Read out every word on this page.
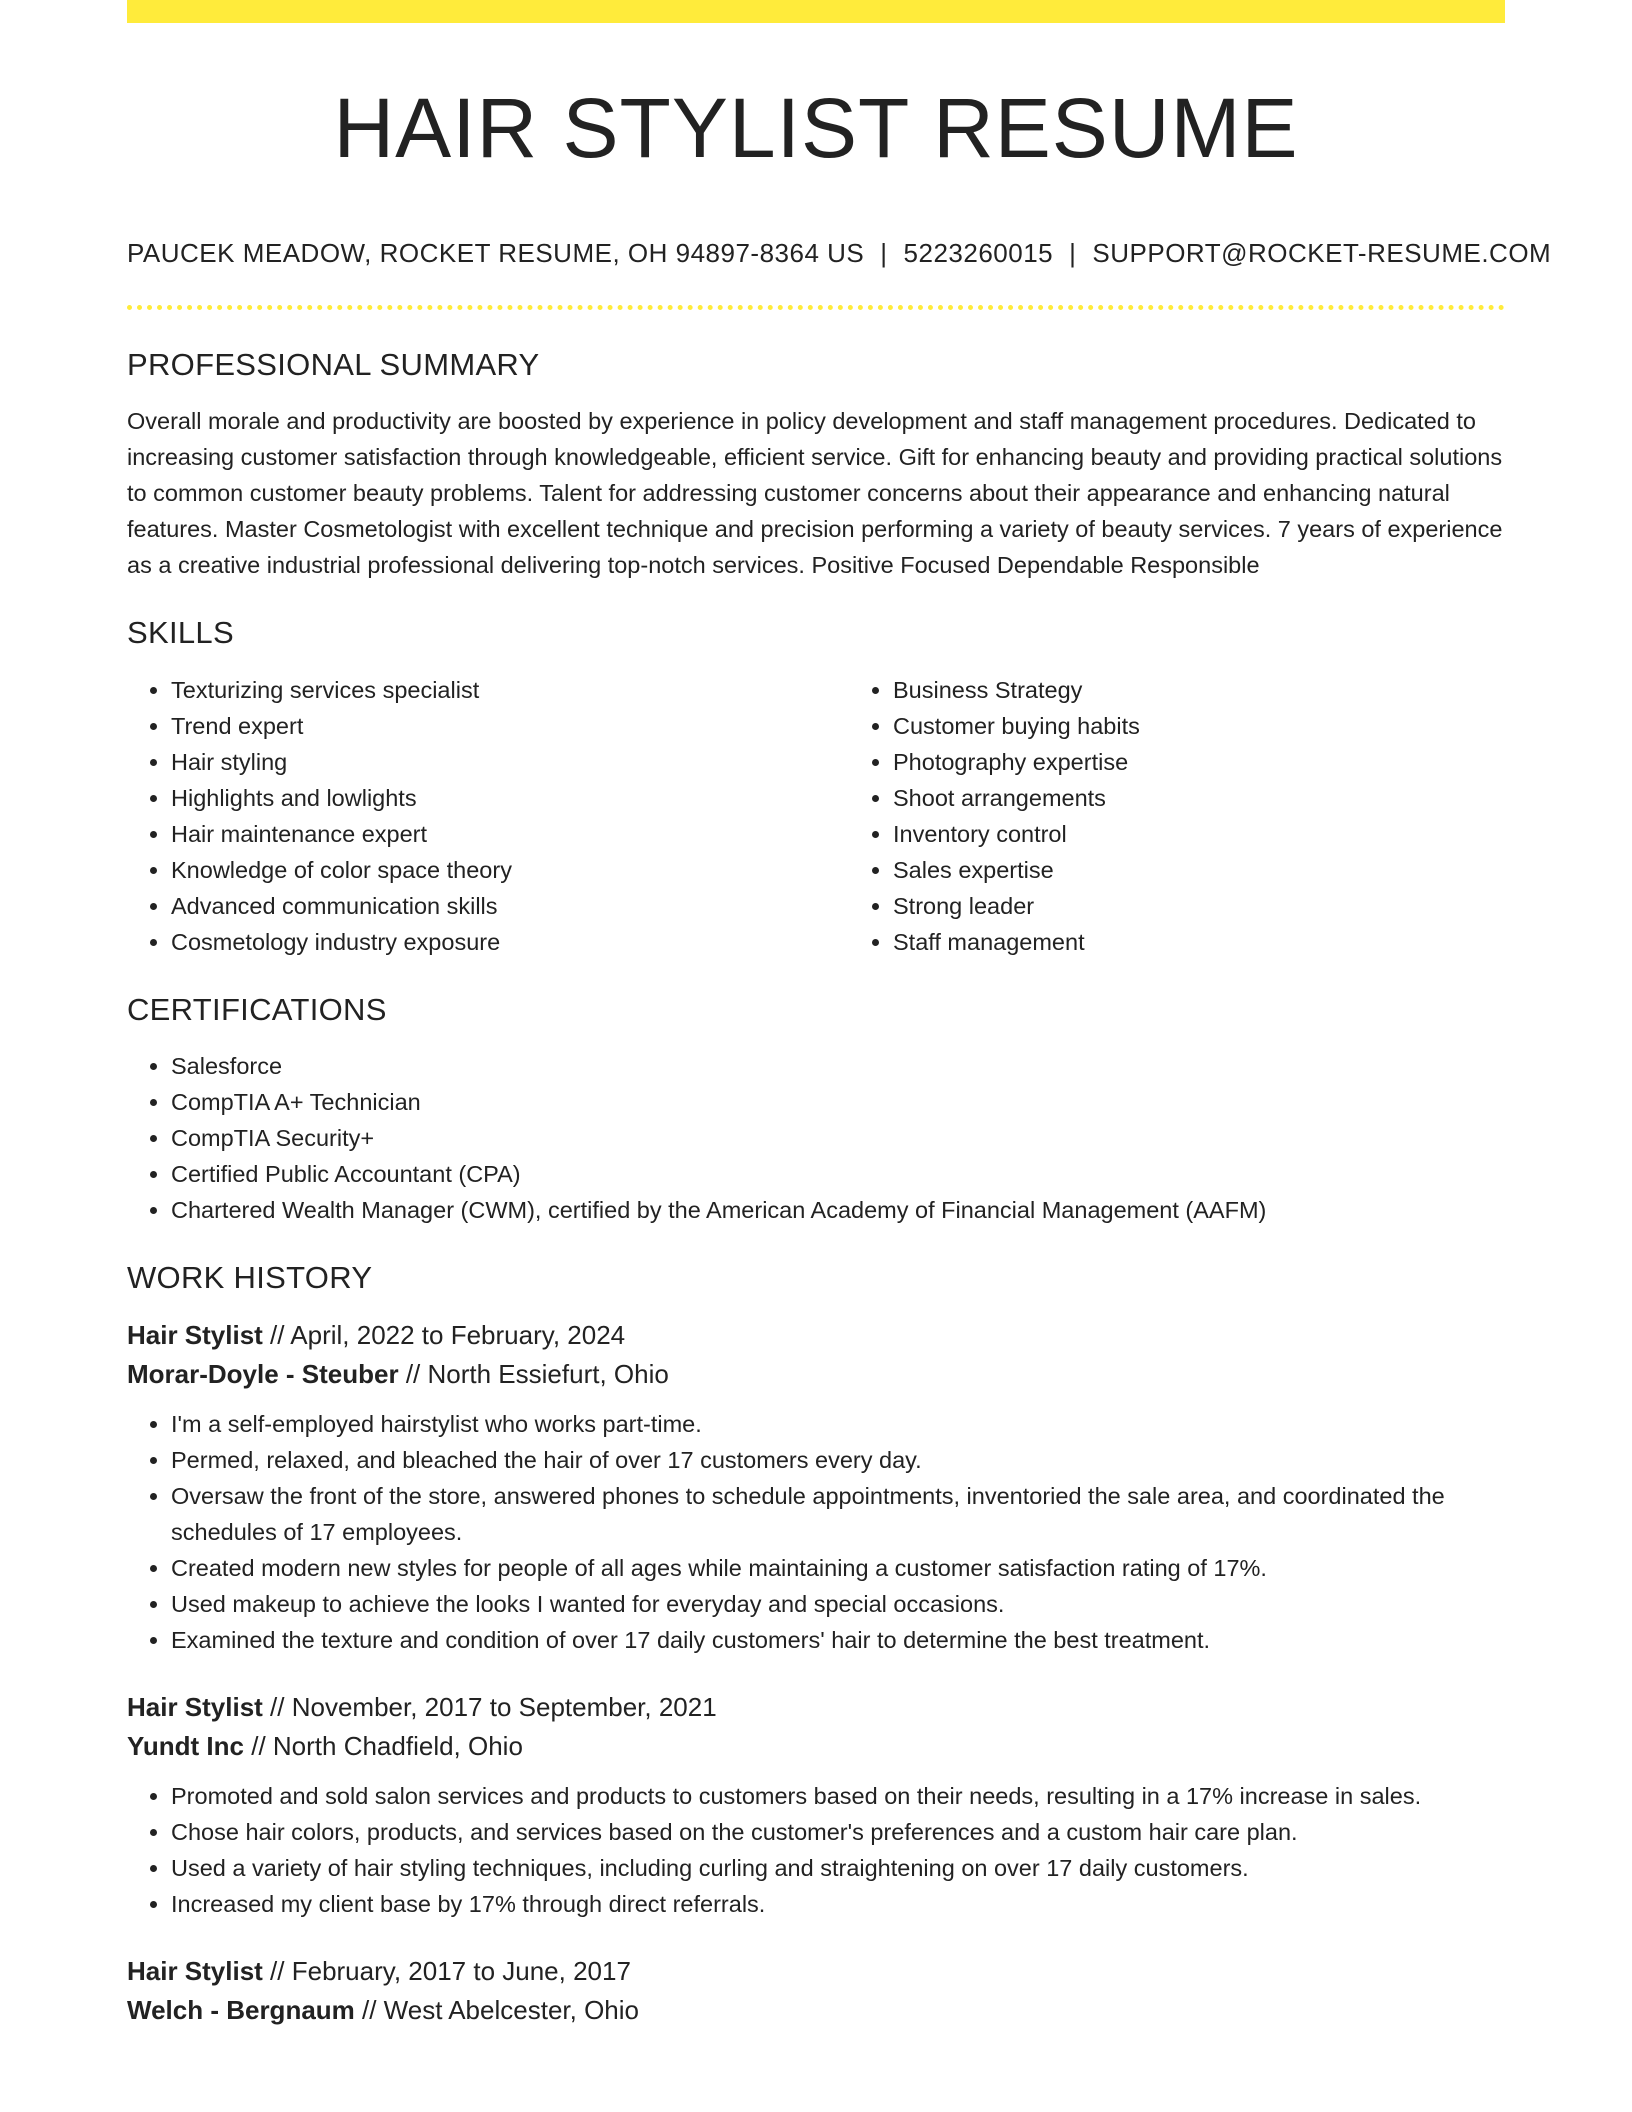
HAIR STYLIST RESUME
PAUCEK MEADOW, ROCKET RESUME, OH 94897-8364 US | 5223260015 | SUPPORT@ROCKET-RESUME.COM
PROFESSIONAL SUMMARY

Overall morale and productivity are boosted by experience in policy development and staff management procedures. Dedicated to increasing customer satisfaction through knowledgeable, efficient service. Gift for enhancing beauty and providing practical solutions to common customer beauty problems. Talent for addressing customer concerns about their appearance and enhancing natural features. Master Cosmetologist with excellent technique and precision performing a variety of beauty services. 7 years of experience as a creative industrial professional delivering top-notch services. Positive Focused Dependable Responsible

SKILLS
• Texturizing services specialist
• Trend expert
• Hair styling
• Highlights and lowlights
• Hair maintenance expert
• Knowledge of color space theory
• Advanced communication skills
• Cosmetology industry exposure
• Business Strategy
• Customer buying habits
• Photography expertise
• Shoot arrangements
• Inventory control
• Sales expertise
• Strong leader
• Staff management
CERTIFICATIONS
• Salesforce
• CompTIA A+ Technician
• CompTIA Security+
• Certified Public Accountant (CPA)
• Chartered Wealth Manager (CWM), certified by the American Academy of Financial Management (AAFM)
WORK HISTORY
Hair Stylist // April, 2022 to February, 2024
Morar-Doyle - Steuber // North Essiefurt, Ohio
• I'm a self-employed hairstylist who works part-time.
• Permed, relaxed, and bleached the hair of over 17 customers every day.
• Oversaw the front of the store, answered phones to schedule appointments, inventoried the sale area, and coordinated the schedules of 17 employees.
• Created modern new styles for people of all ages while maintaining a customer satisfaction rating of 17%.
• Used makeup to achieve the looks I wanted for everyday and special occasions.
• Examined the texture and condition of over 17 daily customers' hair to determine the best treatment.
Hair Stylist // November, 2017 to September, 2021
Yundt Inc // North Chadfield, Ohio
• Promoted and sold salon services and products to customers based on their needs, resulting in a 17% increase in sales.
• Chose hair colors, products, and services based on the customer's preferences and a custom hair care plan.
• Used a variety of hair styling techniques, including curling and straightening on over 17 daily customers.
• Increased my client base by 17% through direct referrals.
Hair Stylist // February, 2017 to June, 2017
Welch - Bergnaum // West Abelcester, Ohio
